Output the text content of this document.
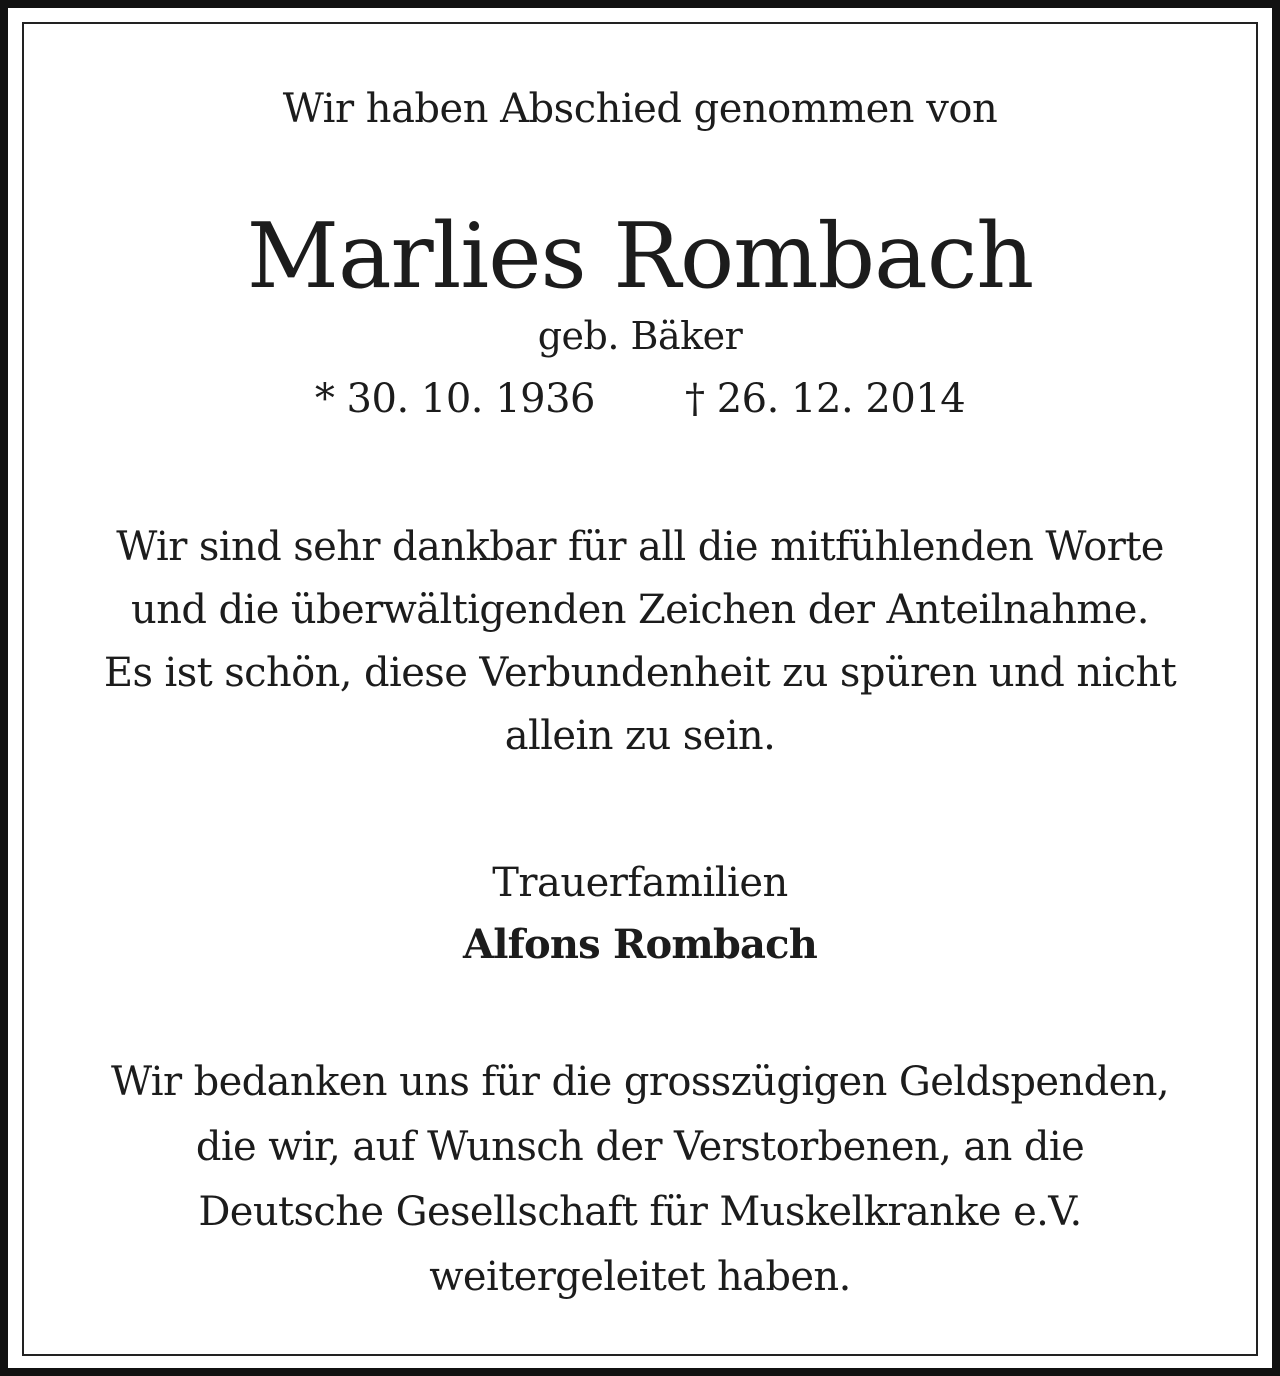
Wir haben Abschied genommen von
Marlies Rombach
geb. Bäker
* 30. 10. 1936 † 26. 12. 2014
Wir sind sehr dankbar für all die mitfühlenden Worte
und die überwältigenden Zeichen der Anteilnahme.
Es ist schön, diese Verbundenheit zu spüren und nicht
allein zu sein.
Trauerfamilien
Alfons Rombach
Wir bedanken uns für die grosszügigen Geldspenden,
die wir, auf Wunsch der Verstorbenen, an die
Deutsche Gesellschaft für Muskelkranke e.V.
weitergeleitet haben.
